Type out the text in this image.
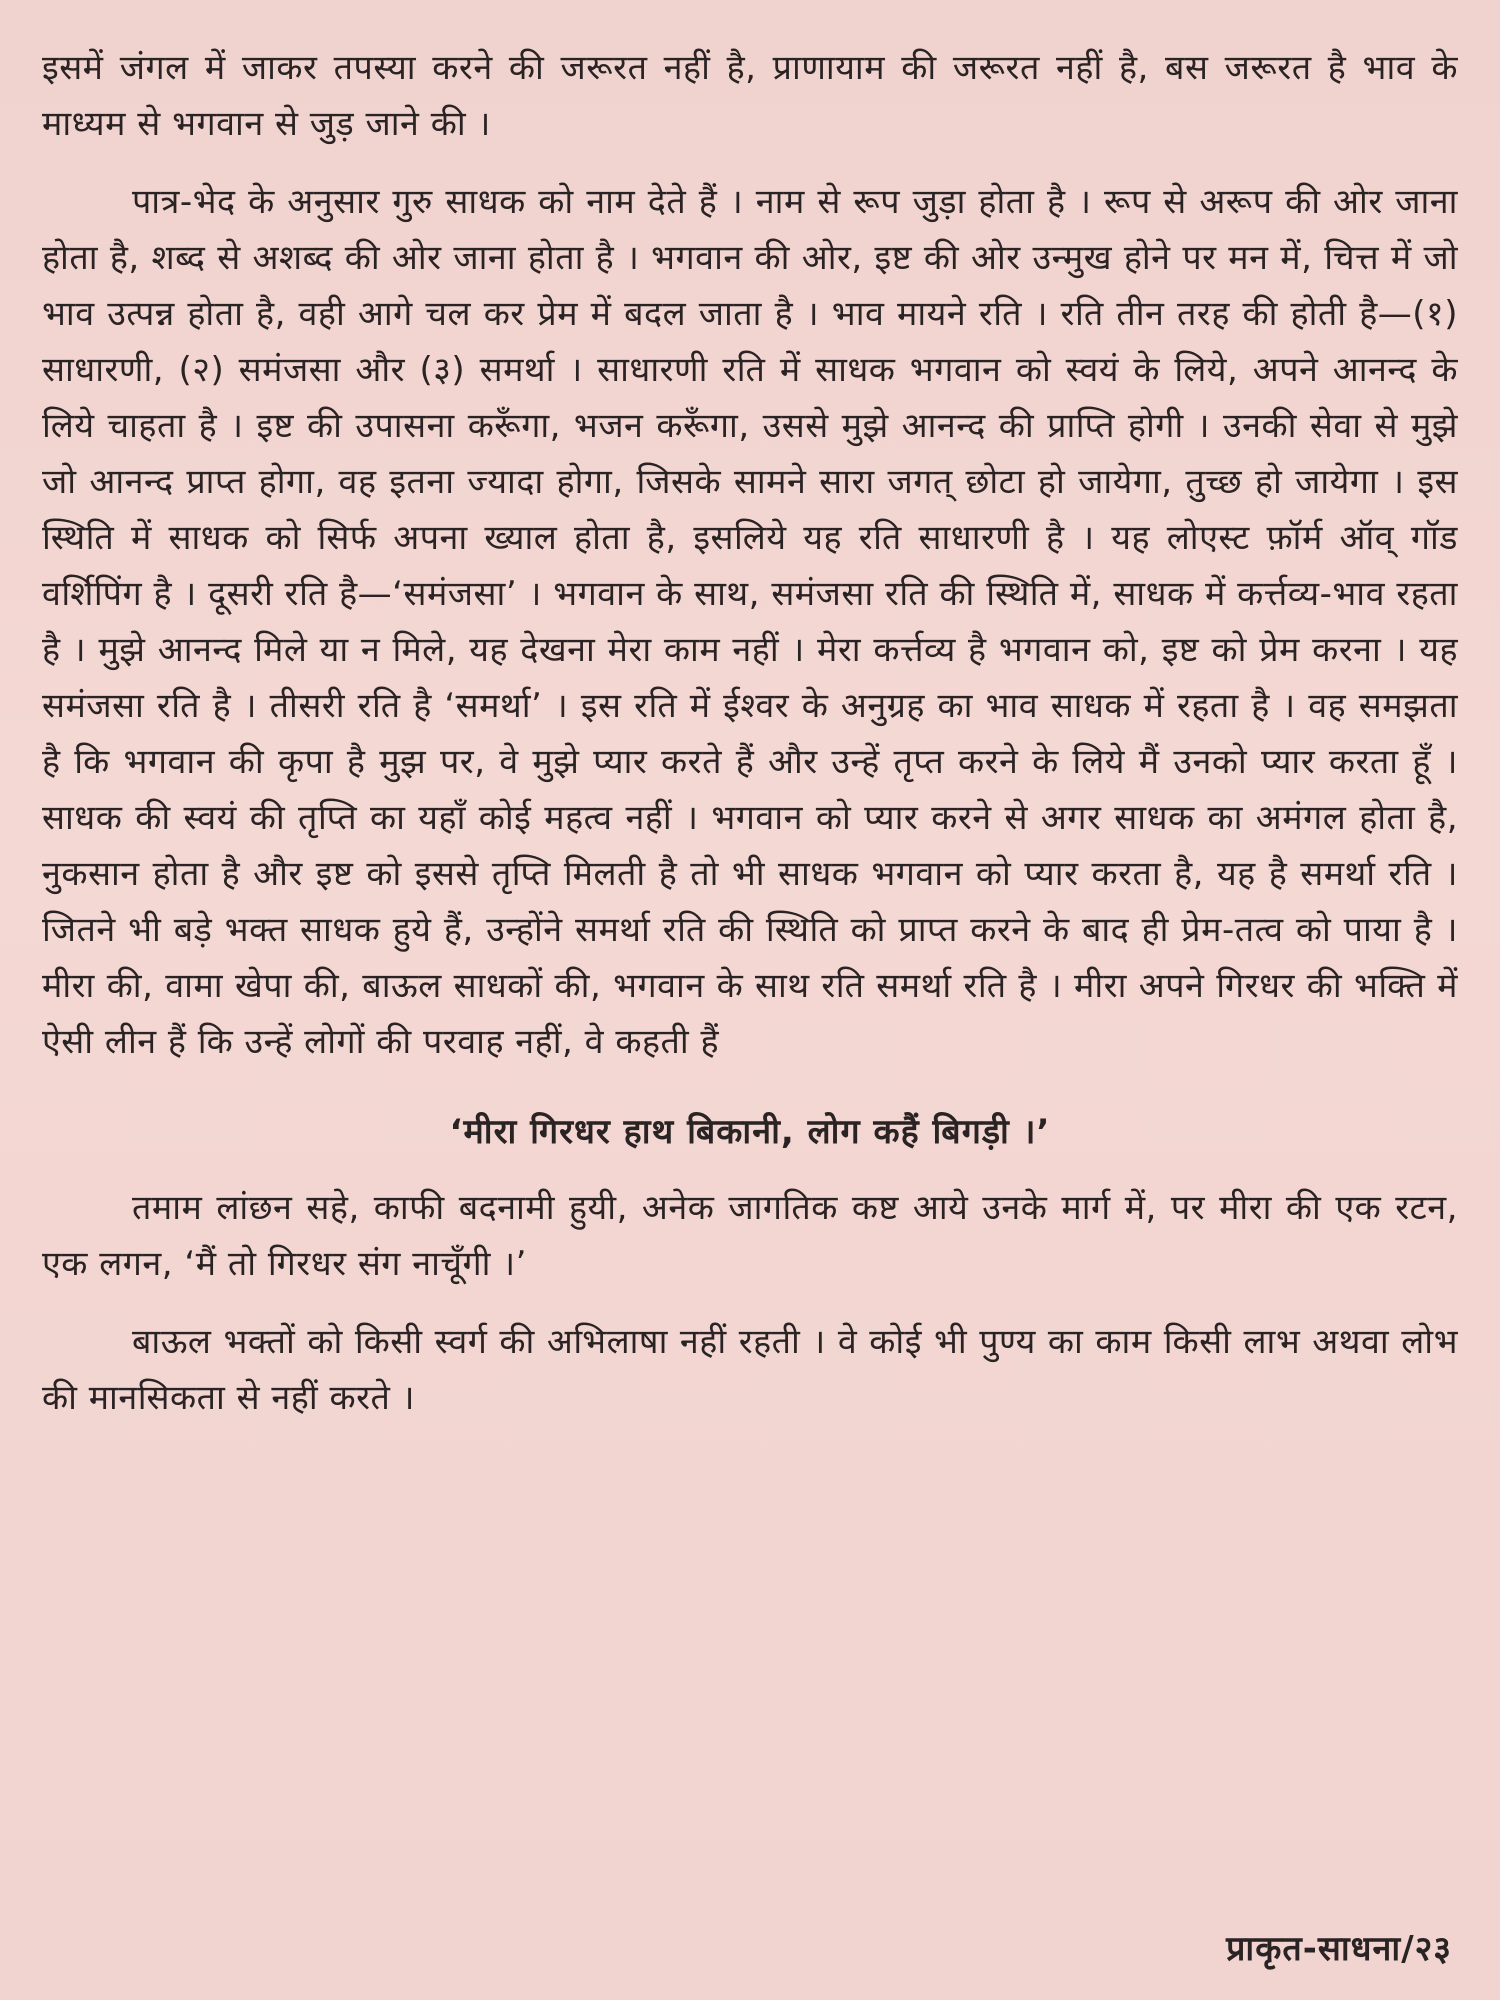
इसमें जंगल में जाकर तपस्या करने की जरूरत नहीं है, प्राणायाम की जरूरत नहीं है, बस जरूरत है भाव के माध्यम से भगवान से जुड़ जाने की ।

पात्र-भेद के अनुसार गुरु साधक को नाम देते हैं । नाम से रूप जुड़ा होता है । रूप से अरूप की ओर जाना होता है, शब्द से अशब्द की ओर जाना होता है । भगवान की ओर, इष्ट की ओर उन्मुख होने पर मन में, चित्त में जो भाव उत्पन्न होता है, वही आगे चल कर प्रेम में बदल जाता है । भाव मायने रति । रति तीन तरह की होती है—(१) साधारणी, (२) समंजसा और (३) समर्था । साधारणी रति में साधक भगवान को स्वयं के लिये, अपने आनन्द के लिये चाहता है । इष्ट की उपासना करूँगा, भजन करूँगा, उससे मुझे आनन्द की प्राप्ति होगी । उनकी सेवा से मुझे जो आनन्द प्राप्त होगा, वह इतना ज्यादा होगा, जिसके सामने सारा जगत् छोटा हो जायेगा, तुच्छ हो जायेगा । इस स्थिति में साधक को सिर्फ अपना ख्याल होता है, इसलिये यह रति साधारणी है । यह लोएस्ट फ़ॉर्म ऑव् गॉड वर्शिपिंग है । दूसरी रति है—‘समंजसा’ । भगवान के साथ, समंजसा रति की स्थिति में, साधक में कर्त्तव्य-भाव रहता है । मुझे आनन्द मिले या न मिले, यह देखना मेरा काम नहीं । मेरा कर्त्तव्य है भगवान को, इष्ट को प्रेम करना । यह समंजसा रति है । तीसरी रति है ‘समर्था’ । इस रति में ईश्वर के अनुग्रह का भाव साधक में रहता है । वह समझता है कि भगवान की कृपा है मुझ पर, वे मुझे प्यार करते हैं और उन्हें तृप्त करने के लिये मैं उनको प्यार करता हूँ । साधक की स्वयं की तृप्ति का यहाँ कोई महत्व नहीं । भगवान को प्यार करने से अगर साधक का अमंगल होता है, नुकसान होता है और इष्ट को इससे तृप्ति मिलती है तो भी साधक भगवान को प्यार करता है, यह है समर्था रति । जितने भी बड़े भक्त साधक हुये हैं, उन्होंने समर्था रति की स्थिति को प्राप्त करने के बाद ही प्रेम-तत्व को पाया है । मीरा की, वामा खेपा की, बाऊल साधकों की, भगवान के साथ रति समर्था रति है । मीरा अपने गिरधर की भक्ति में ऐसी लीन हैं कि उन्हें लोगों की परवाह नहीं, वे कहती हैं

‘मीरा गिरधर हाथ बिकानी, लोग कहैं बिगड़ी ।’

तमाम लांछन सहे, काफी बदनामी हुयी, अनेक जागतिक कष्ट आये उनके मार्ग में, पर मीरा की एक रटन, एक लगन, ‘मैं तो गिरधर संग नाचूँगी ।’

बाऊल भक्तों को किसी स्वर्ग की अभिलाषा नहीं रहती । वे कोई भी पुण्य का काम किसी लाभ अथवा लोभ की मानसिकता से नहीं करते ।

प्राकृत-साधना/२३
